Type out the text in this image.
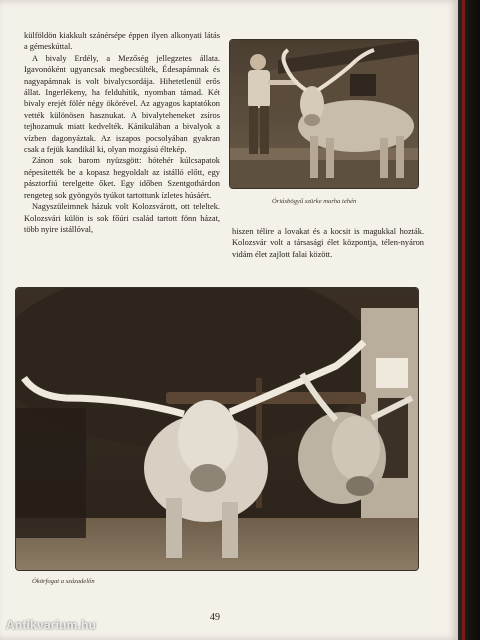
külföldön kiakkult szánérsépe éppen ilyen alkonyati látás a gémeskúttal.

A bivaly Erdély, a Mezőség jellegzetes állata. Igavonóként ugyancsak megbecsülték, Édesapámnak és nagyapámnak is volt bivalycsordája. Hihetetlenül erős állat. Ingerlékeny, ha felduhítik, nyomban támad. Két bivaly erejét fölér négy ökörével. Az agyagos kaptatókon vették különösen hasznukat. A bivalyteheneket zsíros tejhozamuk miatt kedvelték. Kánikulában a bivalyok a vízben dagonyáztak. Az iszapos pocsolyában gyakran csak a fejük kandikál ki, olyan mozgású éltekép.

Zánon sok barom nyüzsgött: hótehér kúlcsapatok népesítették be a kopasz hegyoldalt az istálló előtt, egy pásztorfiú terelgette őket. Egy időben Szentgothárdon rengeteg sok gyöngyös tyúkot tartottunk ízletes húsáért.

Nagyszüleimnek házuk volt Kolozsvárott, ott teleltek. Kolozsvári külön is sok főúri család tartott fönn házat, több nyire istállóval,

Óriásbögyű szürke marha tehén

hiszen télire a lovakat és a kocsit is magukkal hozták. Kolozsvár volt a társasági élet központja, télen-nyáron vidám élet zajlott falai között.

Ökörfogat a századelőn
49
Antikvarium.hu
